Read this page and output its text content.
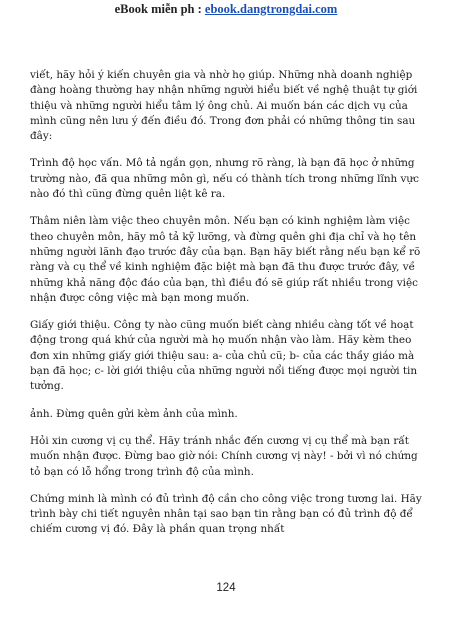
eBook miễn ph : ebook.dangtrongdai.com

viết, hãy hỏi ý kiến chuyên gia và nhờ họ giúp. Những nhà doanh nghiệp đàng hoàng thường hay nhận những người hiểu biết về nghệ thuật tự giới thiệu và những người hiểu tâm lý ông chủ. Ai muốn bán các dịch vụ của mình cũng nên lưu ý đến điều đó. Trong đơn phải có những thông tin sau đây:

Trình độ học vấn. Mô tả ngắn gọn, nhưng rõ ràng, là bạn đã học ở những trường nào, đã qua những môn gì, nếu có thành tích trong những lĩnh vực nào đó thì cũng đừng quên liệt kê ra.

Thâm niên làm việc theo chuyên môn. Nếu bạn có kinh nghiệm làm việc theo chuyên môn, hãy mô tả kỹ lưỡng, và đừng quên ghi địa chỉ và họ tên những người lãnh đạo trước đây của bạn. Bạn hãy biết rằng nếu bạn kể rõ ràng và cụ thể về kinh nghiệm đặc biệt mà bạn đã thu được trước đây, về những khả năng độc đáo của bạn, thì điều đó sẽ giúp rất nhiều trong việc nhận được công việc mà bạn mong muốn.

Giấy giới thiệu. Công ty nào cũng muốn biết càng nhiều càng tốt về hoạt động trong quá khứ của người mà họ muốn nhận vào làm. Hãy kèm theo đơn xin những giấy giới thiệu sau: a- của chủ cũ; b- của các thầy giáo mà bạn đã học; c- lời giới thiệu của những người nổi tiếng được mọi người tin tưởng.

ảnh. Đừng quên gửi kèm ảnh của mình.

Hỏi xin cương vị cụ thể. Hãy tránh nhắc đến cương vị cụ thể mà bạn rất muốn nhận được. Đừng bao giờ nói: Chính cương vị này! - bởi vì nó chứng tỏ bạn có lỗ hổng trong trình độ của mình.

Chứng minh là mình có đủ trình độ cần cho công việc trong tương lai. Hãy trình bày chi tiết nguyên nhân tại sao bạn tin rằng bạn có đủ trình độ để chiếm cương vị đó. Đây là phần quan trọng nhất

124
